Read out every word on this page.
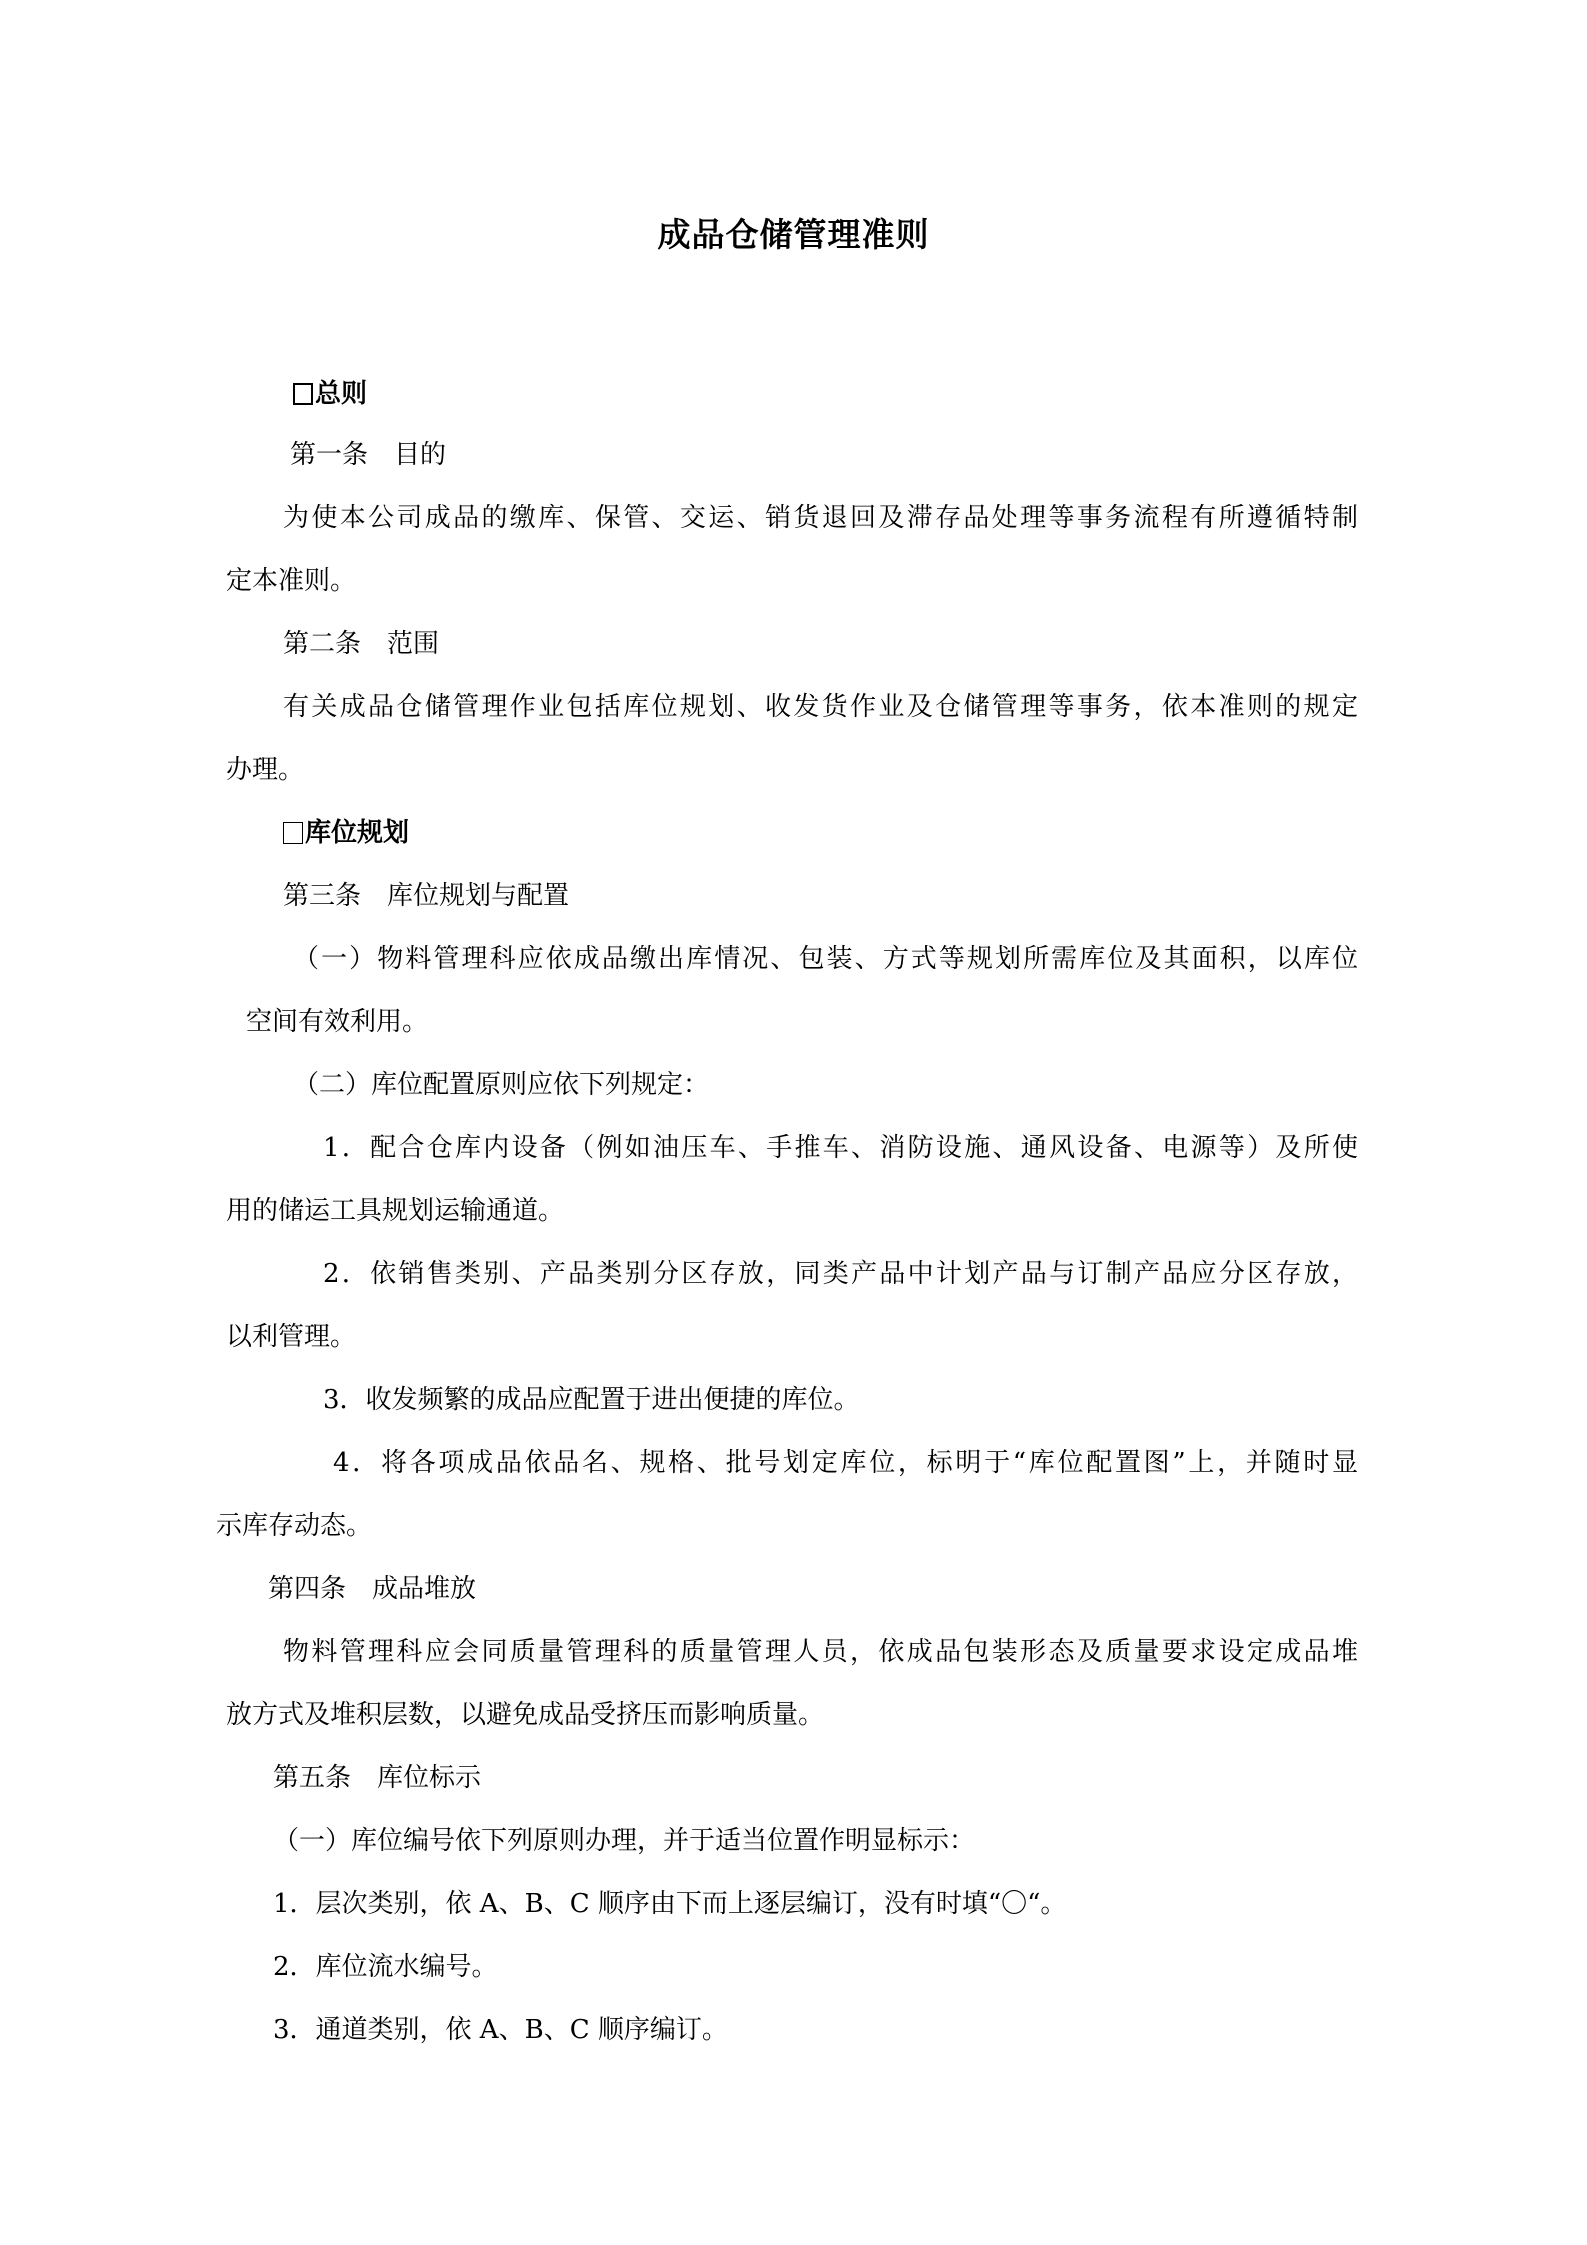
成品仓储管理准则
总则
第一条　目的
为使本公司成品的缴库、保管、交运、销货退回及滞存品处理等事务流程有所遵循特制
定本准则。
第二条　范围
有关成品仓储管理作业包括库位规划、收发货作业及仓储管理等事务，依本准则的规定
办理。
库位规划
第三条　库位规划与配置
（一）物料管理科应依成品缴出库情况、包装、方式等规划所需库位及其面积，以库位
空间有效利用。
（二）库位配置原则应依下列规定：
1．配合仓库内设备（例如油压车、手推车、消防设施、通风设备、电源等）及所使
用的储运工具规划运输通道。
2．依销售类别、产品类别分区存放，同类产品中计划产品与订制产品应分区存放，
以利管理。
3．收发频繁的成品应配置于进出便捷的库位。
4．将各项成品依品名、规格、批号划定库位，标明于“库位配置图”上，并随时显
示库存动态。
第四条　成品堆放
物料管理科应会同质量管理科的质量管理人员，依成品包装形态及质量要求设定成品堆
放方式及堆积层数，以避免成品受挤压而影响质量。
第五条　库位标示
（一）库位编号依下列原则办理，并于适当位置作明显标示：
1．层次类别，依 A、B、C 顺序由下而上逐层编订，没有时填“〇“。
2．库位流水编号。
3．通道类别，依 A、B、C 顺序编订。
